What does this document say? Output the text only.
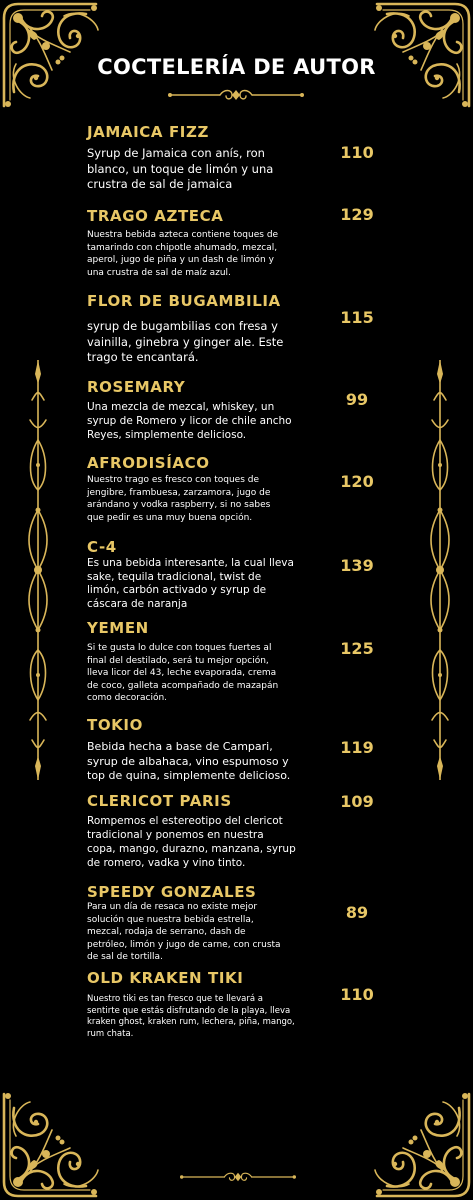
COCTELERÍA DE AUTOR
JAMAICA FIZZ
Syrup de Jamaica con anís, ron
blanco, un toque de limón y una
crustra de sal de jamaica
110
TRAGO AZTECA
Nuestra bebida azteca contiene toques de
tamarindo con chipotle ahumado, mezcal,
aperol, jugo de piña y un dash de limón y
una crustra de sal de maíz azul.
129
FLOR DE BUGAMBILIA
syrup de bugambilias con fresa y
vainilla, ginebra y ginger ale. Este
trago te encantará.
115
ROSEMARY
Una mezcla de mezcal, whiskey, un
syrup de Romero y licor de chile ancho
Reyes, simplemente delicioso.
99
AFRODISÍACO
Nuestro trago es fresco con toques de
jengibre, frambuesa, zarzamora, jugo de
arándano y vodka raspberry, si no sabes
que pedir es una muy buena opción.
120
C-4
Es una bebida interesante, la cual lleva
sake, tequila tradicional, twist de
limón, carbón activado y syrup de
cáscara de naranja
139
YEMEN
Si te gusta lo dulce con toques fuertes al
final del destilado, será tu mejor opción,
lleva licor del 43, leche evaporada, crema
de coco, galleta acompañado de mazapán
como decoración.
125
TOKIO
Bebida hecha a base de Campari,
syrup de albahaca, vino espumoso y
top de quina, simplemente delicioso.
119
CLERICOT PARIS
Rompemos el estereotipo del clericot
tradicional y ponemos en nuestra
copa, mango, durazno, manzana, syrup
de romero, vadka y vino tinto.
109
SPEEDY GONZALES
Para un día de resaca no existe mejor
solución que nuestra bebida estrella,
mezcal, rodaja de serrano, dash de
petróleo, limón y jugo de carne, con crusta
de sal de tortilla.
89
OLD KRAKEN TIKI
Nuestro tiki es tan fresco que te llevará a
sentirte que estás disfrutando de la playa, lleva
kraken ghost, kraken rum, lechera, piña, mango,
rum chata.
110
